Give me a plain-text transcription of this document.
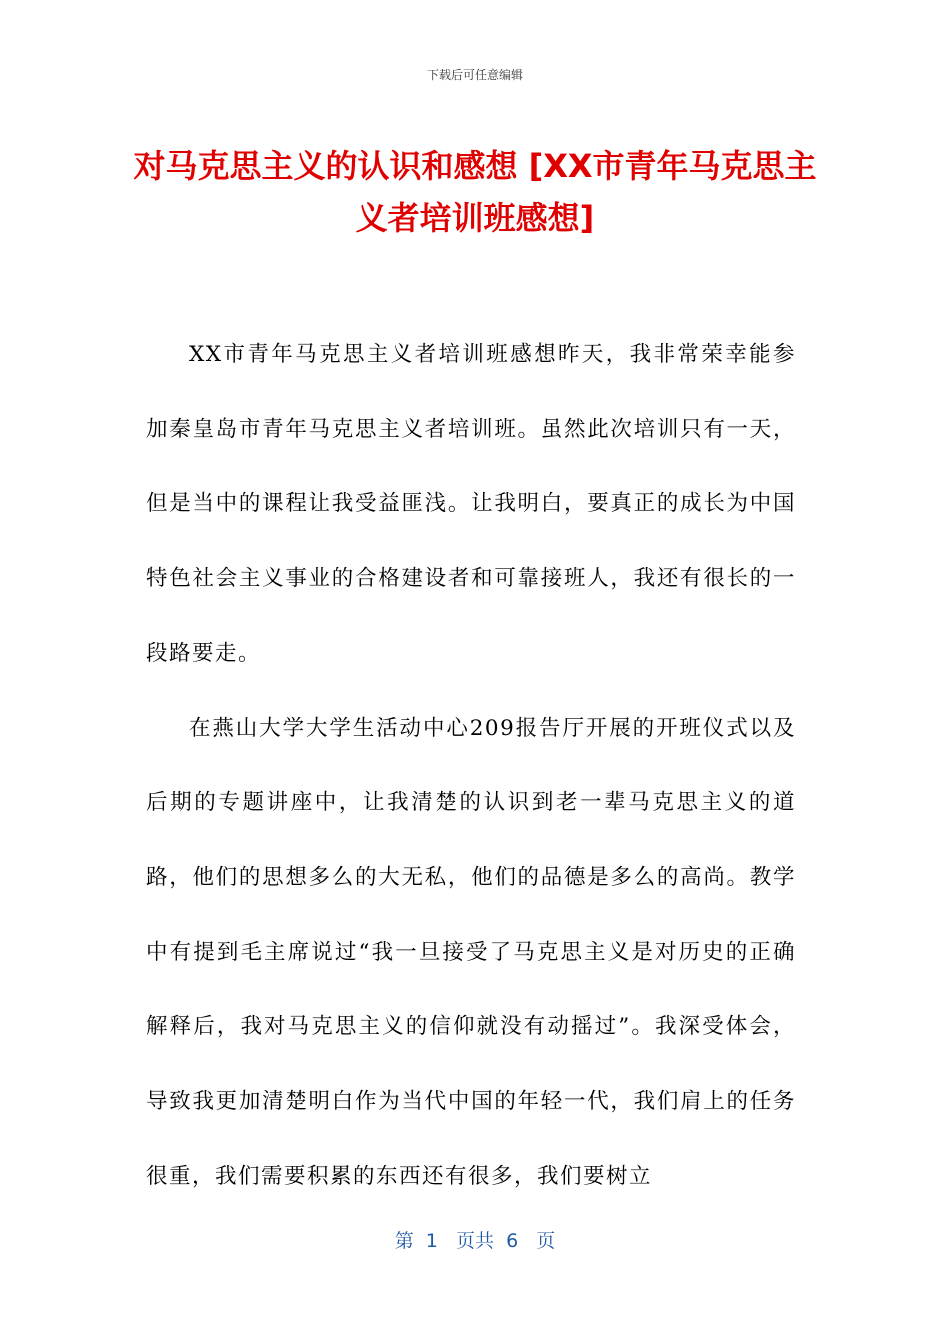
下载后可任意编辑
对马克思主义的认识和感想 [XX市青年马克思主义者培训班感想]

XX市青年马克思主义者培训班感想昨天，我非常荣幸能参加秦皇岛市青年马克思主义者培训班。虽然此次培训只有一天，但是当中的课程让我受益匪浅。让我明白，要真正的成长为中国特色社会主义事业的合格建设者和可靠接班人，我还有很长的一段路要走。

在燕山大学大学生活动中心209报告厅开展的开班仪式以及后期的专题讲座中，让我清楚的认识到老一辈马克思主义的道路，他们的思想多么的大无私，他们的品德是多么的高尚。教学中有提到毛主席说过“我一旦接受了马克思主义是对历史的正确解释后，我对马克思主义的信仰就没有动摇过”。我深受体会，导致我更加清楚明白作为当代中国的年轻一代，我们肩上的任务很重，我们需要积累的东西还有很多，我们要树立

第  1   页共  6   页
